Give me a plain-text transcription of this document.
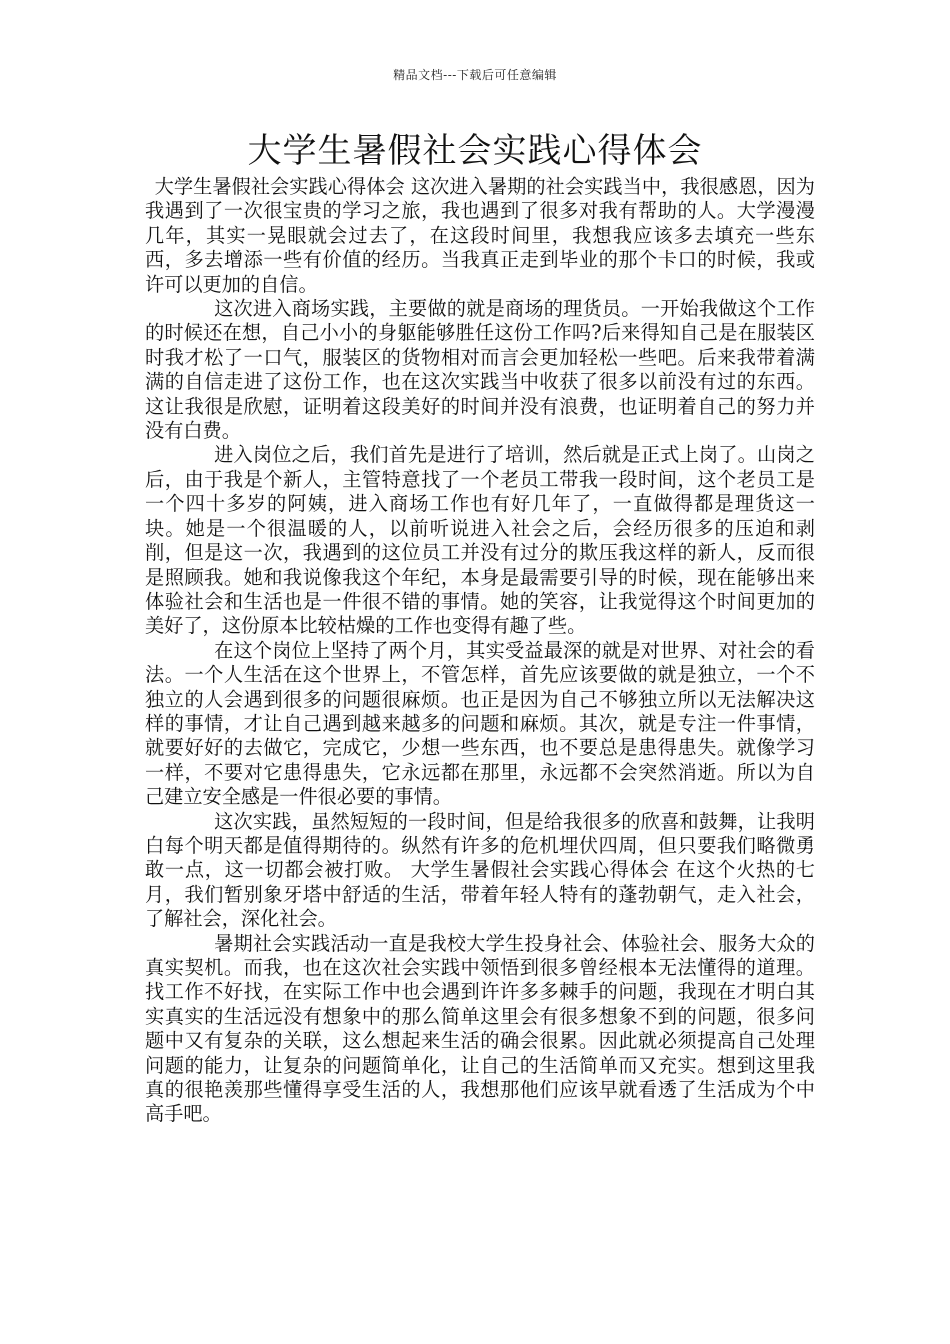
精品文档---下载后可任意编辑
大学生暑假社会实践心得体会

大学生暑假社会实践心得体会 这次进入暑期的社会实践当中，我很感恩，因为我遇到了一次很宝贵的学习之旅，我也遇到了很多对我有帮助的人。大学漫漫几年，其实一晃眼就会过去了，在这段时间里，我想我应该多去填充一些东西，多去增添一些有价值的经历。当我真正走到毕业的那个卡口的时候，我或许可以更加的自信。

这次进入商场实践，主要做的就是商场的理货员。一开始我做这个工作的时候还在想，自己小小的身躯能够胜任这份工作吗?后来得知自己是在服装区时我才松了一口气，服装区的货物相对而言会更加轻松一些吧。后来我带着满满的自信走进了这份工作，也在这次实践当中收获了很多以前没有过的东西。这让我很是欣慰，证明着这段美好的时间并没有浪费，也证明着自己的努力并没有白费。

进入岗位之后，我们首先是进行了培训，然后就是正式上岗了。山岗之后，由于我是个新人，主管特意找了一个老员工带我一段时间，这个老员工是一个四十多岁的阿姨，进入商场工作也有好几年了，一直做得都是理货这一块。她是一个很温暖的人，以前听说进入社会之后，会经历很多的压迫和剥削，但是这一次，我遇到的这位员工并没有过分的欺压我这样的新人，反而很是照顾我。她和我说像我这个年纪，本身是最需要引导的时候，现在能够出来体验社会和生活也是一件很不错的事情。她的笑容，让我觉得这个时间更加的美好了，这份原本比较枯燥的工作也变得有趣了些。

在这个岗位上坚持了两个月，其实受益最深的就是对世界、对社会的看法。一个人生活在这个世界上，不管怎样，首先应该要做的就是独立，一个不独立的人会遇到很多的问题很麻烦。也正是因为自己不够独立所以无法解决这样的事情，才让自己遇到越来越多的问题和麻烦。其次，就是专注一件事情，就要好好的去做它，完成它，少想一些东西，也不要总是患得患失。就像学习一样，不要对它患得患失，它永远都在那里，永远都不会突然消逝。所以为自己建立安全感是一件很必要的事情。

这次实践，虽然短短的一段时间，但是给我很多的欣喜和鼓舞，让我明白每个明天都是值得期待的。纵然有许多的危机埋伏四周，但只要我们略微勇敢一点，这一切都会被打败。 大学生暑假社会实践心得体会 在这个火热的七月，我们暂别象牙塔中舒适的生活，带着年轻人特有的蓬勃朝气，走入社会，了解社会，深化社会。

暑期社会实践活动一直是我校大学生投身社会、体验社会、服务大众的真实契机。而我，也在这次社会实践中领悟到很多曾经根本无法懂得的道理。找工作不好找，在实际工作中也会遇到许许多多棘手的问题，我现在才明白其实真实的生活远没有想象中的那么简单这里会有很多想象不到的问题，很多问题中又有复杂的关联，这么想起来生活的确会很累。因此就必须提高自己处理问题的能力，让复杂的问题简单化，让自己的生活简单而又充实。想到这里我真的很艳羡那些懂得享受生活的人，我想那他们应该早就看透了生活成为个中高手吧。
